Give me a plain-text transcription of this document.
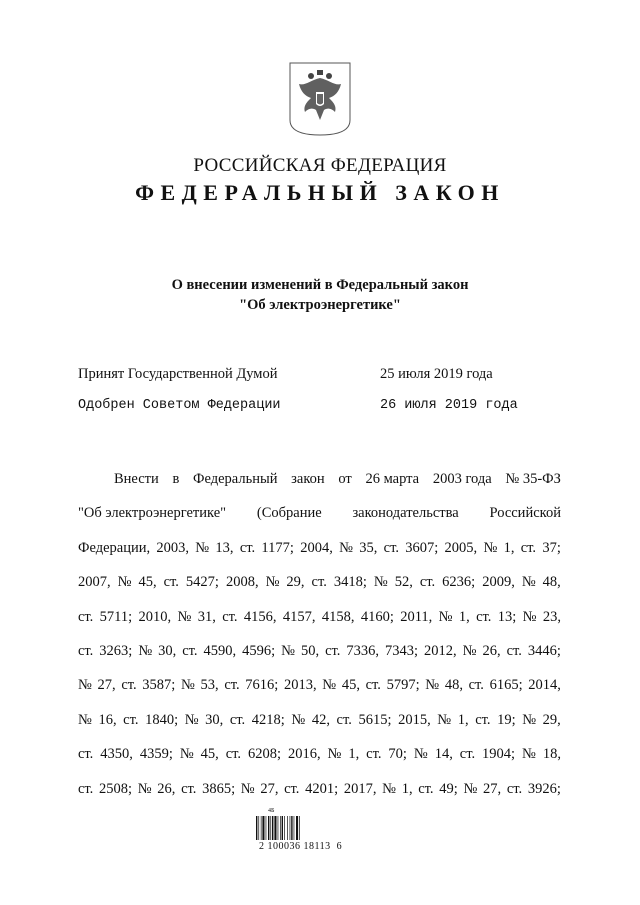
РОССИЙСКАЯ ФЕДЕРАЦИЯ
ФЕДЕРАЛЬНЫЙ ЗАКОН
О внесении изменений в Федеральный закон
"Об электроэнергетике"
Принят Государственной Думой	25 июля 2019 года
Одобрен Советом Федерации	26 июля 2019 года
Внести в Федеральный закон от 26 марта 2003 года № 35-ФЗ
"Об электроэнергетике" (Собрание законодательства Российской
Федерации, 2003, № 13, ст. 1177; 2004, № 35, ст. 3607; 2005, № 1, ст. 37;
2007, № 45, ст. 5427; 2008, № 29, ст. 3418; № 52, ст. 6236; 2009, № 48,
ст. 5711; 2010, № 31, ст. 4156, 4157, 4158, 4160; 2011, № 1, ст. 13; № 23,
ст. 3263; № 30, ст. 4590, 4596; № 50, ст. 7336, 7343; 2012, № 26, ст. 3446;
№ 27, ст. 3587; № 53, ст. 7616; 2013, № 45, ст. 5797; № 48, ст. 6165; 2014,
№ 16, ст. 1840; № 30, ст. 4218; № 42, ст. 5615; 2015, № 1, ст. 19; № 29,
ст. 4350, 4359; № 45, ст. 6208; 2016, № 1, ст. 70; № 14, ст. 1904; № 18,
ст. 2508; № 26, ст. 3865; № 27, ст. 4201; 2017, № 1, ст. 49; № 27, ст. 3926;
4Б
2 100036 18113  6
